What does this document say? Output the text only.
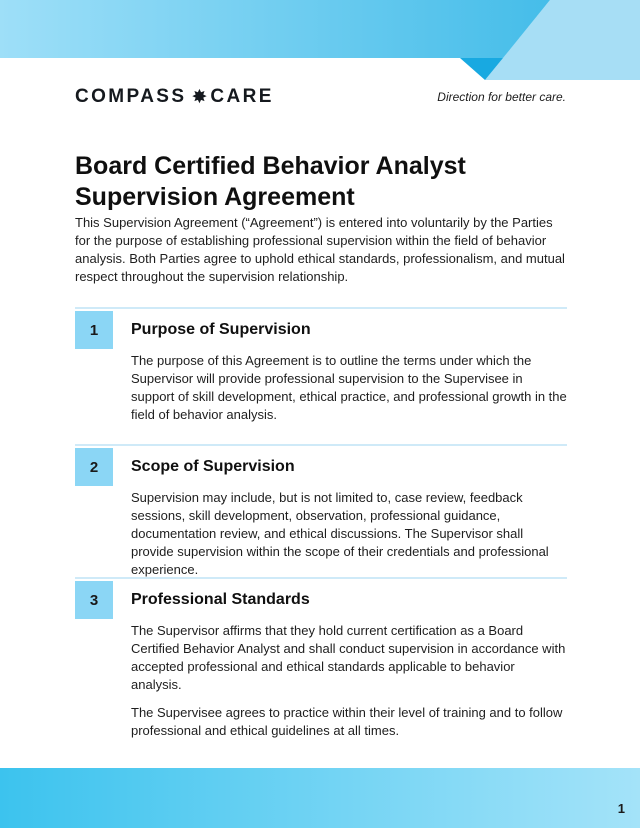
COMPASS ✸ CARE	Direction for better care.
Board Certified Behavior Analyst Supervision Agreement

This Supervision Agreement (“Agreement”) is entered into voluntarily by the Parties for the purpose of establishing professional supervision within the field of behavior analysis. Both Parties agree to uphold ethical standards, professionalism, and mutual respect throughout the supervision relationship.

1	Purpose of Supervision

The purpose of this Agreement is to outline the terms under which the Supervisor will provide professional supervision to the Supervisee in support of skill development, ethical practice, and professional growth in the field of behavior analysis.

2	Scope of Supervision

Supervision may include, but is not limited to, case review, feedback sessions, skill development, observation, professional guidance, documentation review, and ethical discussions. The Supervisor shall provide supervision within the scope of their credentials and professional experience.

3	Professional Standards

The Supervisor affirms that they hold current certification as a Board Certified Behavior Analyst and shall conduct supervision in accordance with accepted professional and ethical standards applicable to behavior analysis.

The Supervisee agrees to practice within their level of training and to follow professional and ethical guidelines at all times.

1
